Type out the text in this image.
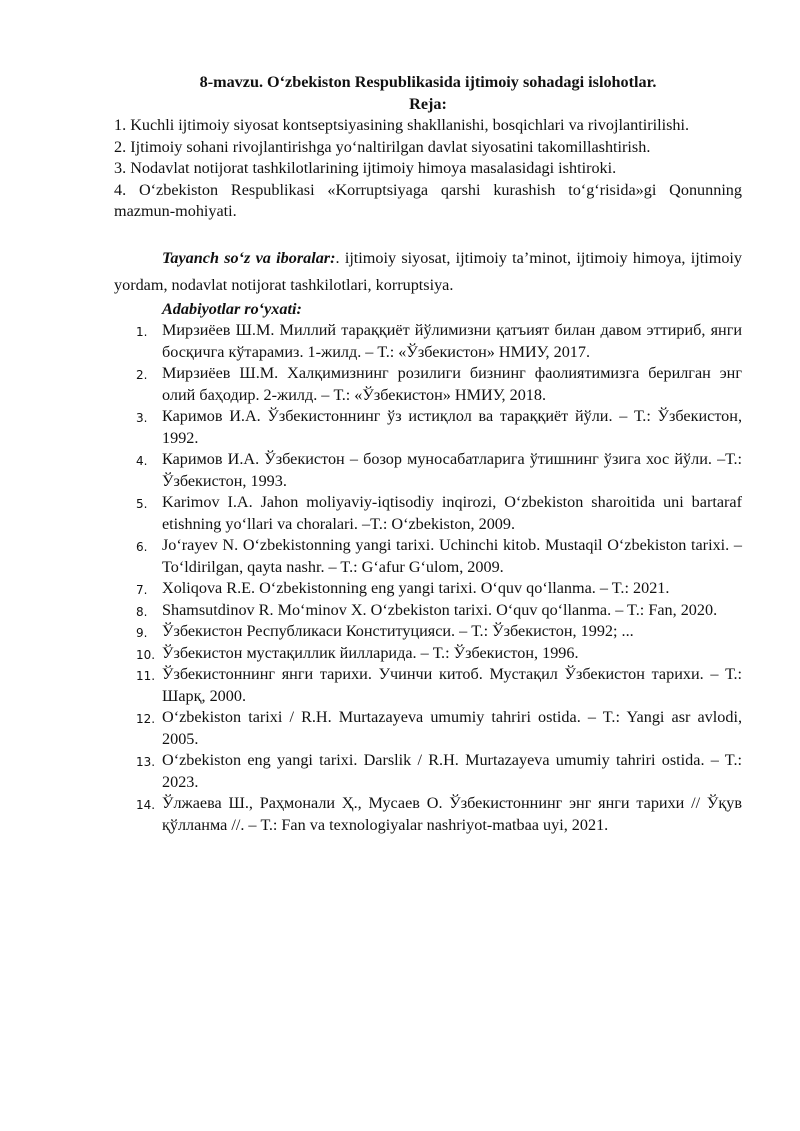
8-mavzu. O‘zbekiston Respublikasida ijtimoiy sohadagi islohotlar.

Reja:

1. Kuchli ijtimoiy siyosat kontseptsiyasining shakllanishi, bosqichlari va rivojlantirilishi.

2. Ijtimoiy sohani rivojlantirishga yo‘naltirilgan davlat siyosatini takomillashtirish.

3. Nodavlat notijorat tashkilotlarining ijtimoiy himoya masalasidagi ishtiroki.

4. O‘zbekiston Respublikasi «Korruptsiyaga qarshi kurashish to‘g‘risida»gi Qonunning mazmun-mohiyati.

Tayanch so‘z va iboralar:. ijtimoiy siyosat, ijtimoiy ta’minot, ijtimoiy himoya, ijtimoiy yordam, nodavlat notijorat tashkilotlari, korruptsiya.

Adabiyotlar ro‘yxati:

1. Мирзиёев Ш.М. Миллий тараққиёт йўлимизни қатъият билан давом эттириб, янги босқичга кўтарамиз. 1-жилд. – Т.: «Ўзбекистон» НМИУ, 2017.
2. Мирзиёев Ш.М. Халқимизнинг розилиги бизнинг фаолиятимизга берилган энг олий баҳодир. 2-жилд. – Т.: «Ўзбекистон» НМИУ, 2018.
3. Каримов И.А. Ўзбекистоннинг ўз истиқлол ва тараққиёт йўли. – Т.: Ўзбекистон, 1992.
4. Каримов И.А. Ўзбекистон – бозор муносабатларига ўтишнинг ўзига хос йўли. –Т.: Ўзбекистон, 1993.
5. Karimov I.A. Jahon moliyaviy-iqtisodiy inqirozi, O‘zbekiston sharoitida uni bartaraf etishning yo‘llari va choralari. –T.: O‘zbekiston, 2009.
6. Jo‘rayev N. O‘zbekistonning yangi tarixi. Uchinchi kitob. Mustaqil O‘zbekiston tarixi. – To‘ldirilgan, qayta nashr. – T.: G‘afur G‘ulom, 2009.
7. Xoliqova R.E. O‘zbekistonning eng yangi tarixi. O‘quv qo‘llanma. – T.: 2021.
8. Shamsutdinov R. Mo‘minov X. O‘zbekiston tarixi. O‘quv qo‘llanma. – T.: Fan, 2020.
9. Ўзбекистон Республикаси Конституцияси. – Т.: Ўзбекистон, 1992; ...
10. Ўзбекистон мустақиллик йилларида. – Т.: Ўзбекистон, 1996.
11. Ўзбекистоннинг янги тарихи. Учинчи китоб. Мустақил Ўзбекистон тарихи. – Т.: Шарқ, 2000.
12. O‘zbekiston tarixi / R.H. Murtazayeva umumiy tahriri ostida. – T.: Yangi asr avlodi, 2005.
13. O‘zbekiston eng yangi tarixi. Darslik / R.H. Murtazayeva umumiy tahriri ostida. – T.: 2023.
14. Ўлжаева Ш., Раҳмонали Ҳ., Мусаев О. Ўзбекистоннинг энг янги тарихи // Ўқув қўлланма //. – Т.: Fan va texnologiyalar nashriyot-matbaa uyi, 2021.
